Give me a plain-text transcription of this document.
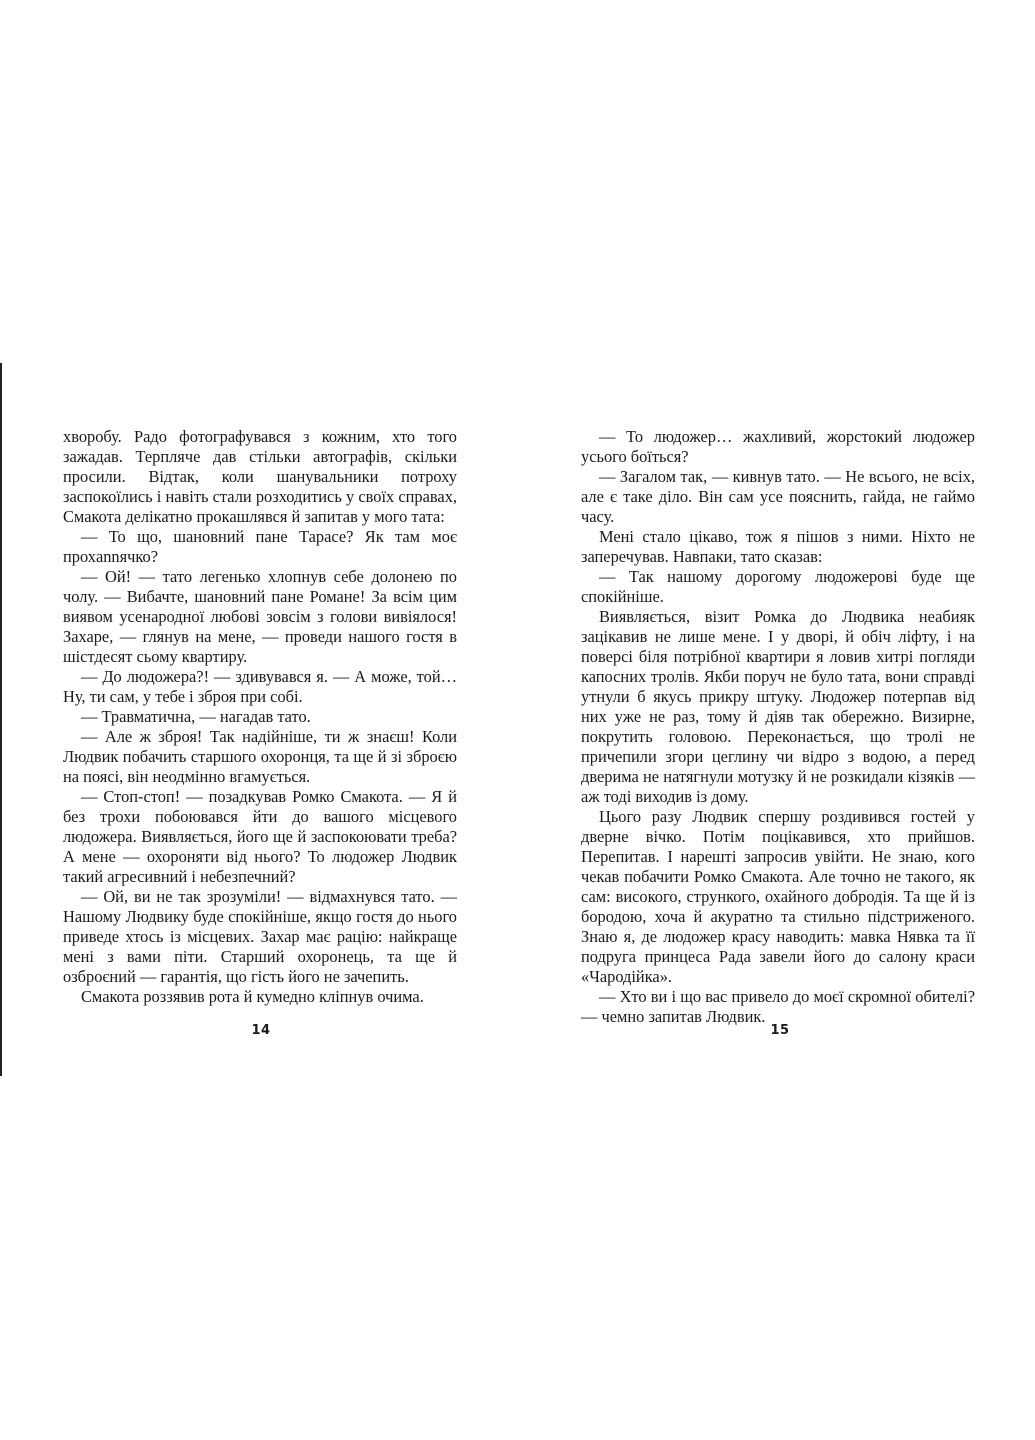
хворобу. Радо фотографувався з кожним, хто того зажадав. Терпляче дав стільки автографів, скільки просили. Відтак, коли шанувальники потроху заспокоїлись і навіть стали розходитись у своїх справах, Смакота делікатно прокашлявся й запитав у мого тата:

— То що, шановний пане Тарасе? Як там моє прохannячко?

— Ой! — тато легенько хлопнув себе долонею по чолу. — Вибачте, шановний пане Романе! За всім цим виявом усенародної любові зовсім з голови вивіялося! Захаре, — глянув на мене, — проведи нашого гостя в шістдесят сьому квартиру.

— До людожера?! — здивувався я. — А може, той… Ну, ти сам, у тебе і зброя при собі.

— Травматична, — нагадав тато.

— Але ж зброя! Так надійніше, ти ж знаєш! Коли Людвик побачить старшого охоронця, та ще й зі зброєю на поясі, він неодмінно вгамується.

— Стоп-стоп! — позадкував Ромко Смакота. — Я й без трохи побоювався йти до вашого місцевого людожера. Виявляється, його ще й заспокоювати треба? А мене — охороняти від нього? То людожер Людвик такий агресивний і небезпечний?

— Ой, ви не так зрозуміли! — відмахнувся тато. — Нашому Людвику буде спокійніше, якщо гостя до нього приведе хтось із місцевих. Захар має рацію: найкраще мені з вами піти. Старший охоронець, та ще й озброєний — гарантія, що гість його не зачепить.

Смакота роззявив рота й кумедно кліпнув очима.

— То людожер… жахливий, жорстокий людожер усього боїться?

— Загалом так, — кивнув тато. — Не всього, не всіх, але є таке діло. Він сам усе пояснить, гайда, не гаймо часу.

Мені стало цікаво, тож я пішов з ними. Ніхто не заперечував. Навпаки, тато сказав:

— Так нашому дорогому людожерові буде ще спокійніше.

Виявляється, візит Ромка до Людвика неабияк зацікавив не лише мене. І у дворі, й обіч ліфту, і на поверсі біля потрібної квартири я ловив хитрі погляди капосних тролів. Якби поруч не було тата, вони справді утнули б якусь прикру штуку. Людожер потерпав від них уже не раз, тому й діяв так обережно. Визирне, покрутить головою. Переконається, що тролі не причепили згори цеглину чи відро з водою, а перед дверима не натягнули мотузку й не розкидали кізяків — аж тоді виходив із дому.

Цього разу Людвик спершу роздивився гостей у дверне вічко. Потім поцікавився, хто прийшов. Перепитав. І нарешті запросив увійти. Не знаю, кого чекав побачити Ромко Смакота. Але точно не такого, як сам: високого, стрункого, охайного добродія. Та ще й із бородою, хоча й акуратно та стильно підстриженого. Знаю я, де людожер красу наводить: мавка Нявка та її подруга принцеса Рада завели його до салону краси «Чародійка».

— Хто ви і що вас привело до моєї скромної обителі? — чемно запитав Людвик.

14	15
